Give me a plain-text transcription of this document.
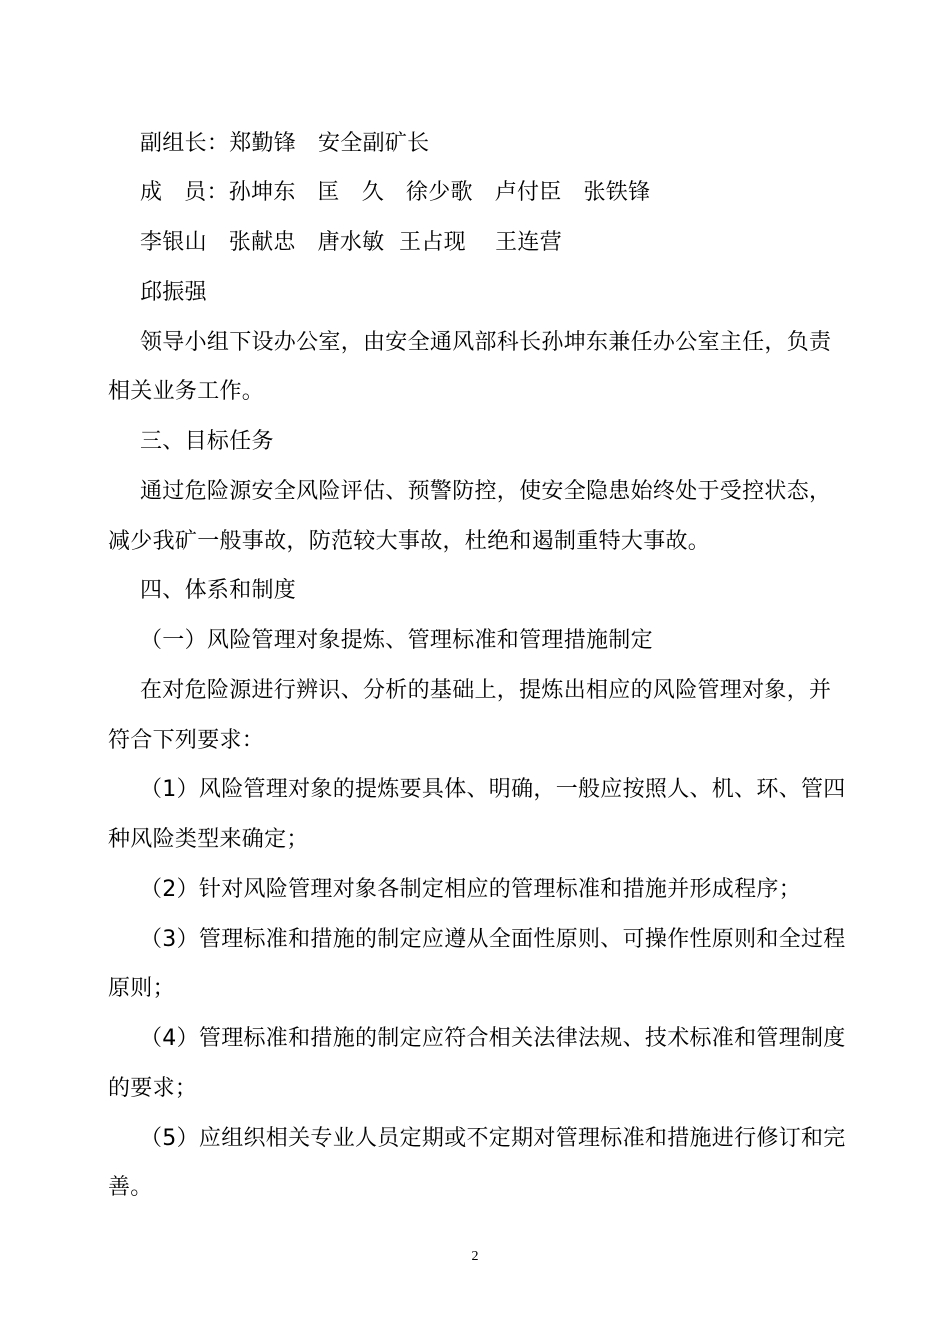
副组长：郑勤锋   安全副矿长
成   员：孙坤东   匡   久   徐少歌   卢付臣   张铁锋
李银山   张献忠   唐水敏  王占现    王连营
邱振强
领导小组下设办公室，由安全通风部科长孙坤东兼任办公室主任，负责
相关业务工作。
三、目标任务
通过危险源安全风险评估、预警防控，使安全隐患始终处于受控状态，
减少我矿一般事故，防范较大事故，杜绝和遏制重特大事故。
四、体系和制度
（一）风险管理对象提炼、管理标准和管理措施制定
在对危险源进行辨识、分析的基础上，提炼出相应的风险管理对象，并
符合下列要求：
（1）风险管理对象的提炼要具体、明确，一般应按照人、机、环、管四
种风险类型来确定；
（2）针对风险管理对象各制定相应的管理标准和措施并形成程序；
（3）管理标准和措施的制定应遵从全面性原则、可操作性原则和全过程
原则；
（4）管理标准和措施的制定应符合相关法律法规、技术标准和管理制度
的要求；
（5）应组织相关专业人员定期或不定期对管理标准和措施进行修订和完
善。
2
